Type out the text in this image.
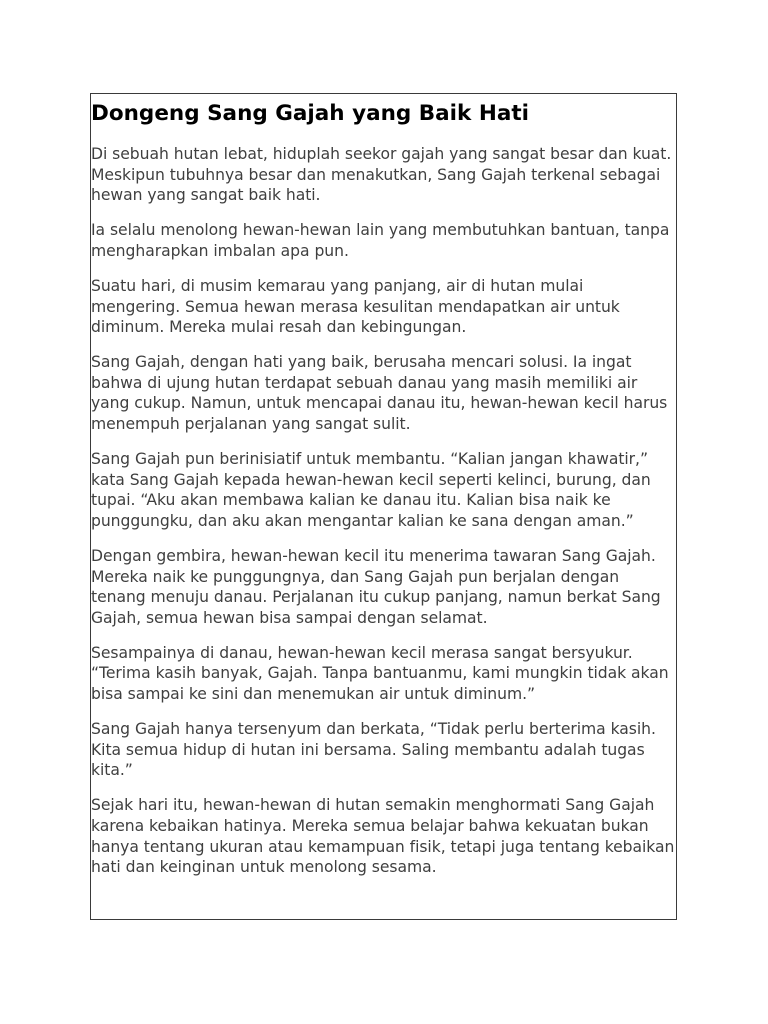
Dongeng Sang Gajah yang Baik Hati

Di sebuah hutan lebat, hiduplah seekor gajah yang sangat besar dan kuat. Meskipun tubuhnya besar dan menakutkan, Sang Gajah terkenal sebagai hewan yang sangat baik hati.

Ia selalu menolong hewan-hewan lain yang membutuhkan bantuan, tanpa mengharapkan imbalan apa pun.

Suatu hari, di musim kemarau yang panjang, air di hutan mulai mengering. Semua hewan merasa kesulitan mendapatkan air untuk diminum. Mereka mulai resah dan kebingungan.

Sang Gajah, dengan hati yang baik, berusaha mencari solusi. Ia ingat bahwa di ujung hutan terdapat sebuah danau yang masih memiliki air yang cukup. Namun, untuk mencapai danau itu, hewan-hewan kecil harus menempuh perjalanan yang sangat sulit.

Sang Gajah pun berinisiatif untuk membantu. “Kalian jangan khawatir,” kata Sang Gajah kepada hewan-hewan kecil seperti kelinci, burung, dan tupai. “Aku akan membawa kalian ke danau itu. Kalian bisa naik ke punggungku, dan aku akan mengantar kalian ke sana dengan aman.”

Dengan gembira, hewan-hewan kecil itu menerima tawaran Sang Gajah. Mereka naik ke punggungnya, dan Sang Gajah pun berjalan dengan tenang menuju danau. Perjalanan itu cukup panjang, namun berkat Sang Gajah, semua hewan bisa sampai dengan selamat.

Sesampainya di danau, hewan-hewan kecil merasa sangat bersyukur. “Terima kasih banyak, Gajah. Tanpa bantuanmu, kami mungkin tidak akan bisa sampai ke sini dan menemukan air untuk diminum.”

Sang Gajah hanya tersenyum dan berkata, “Tidak perlu berterima kasih. Kita semua hidup di hutan ini bersama. Saling membantu adalah tugas kita.”

Sejak hari itu, hewan-hewan di hutan semakin menghormati Sang Gajah karena kebaikan hatinya. Mereka semua belajar bahwa kekuatan bukan hanya tentang ukuran atau kemampuan fisik, tetapi juga tentang kebaikan hati dan keinginan untuk menolong sesama.
